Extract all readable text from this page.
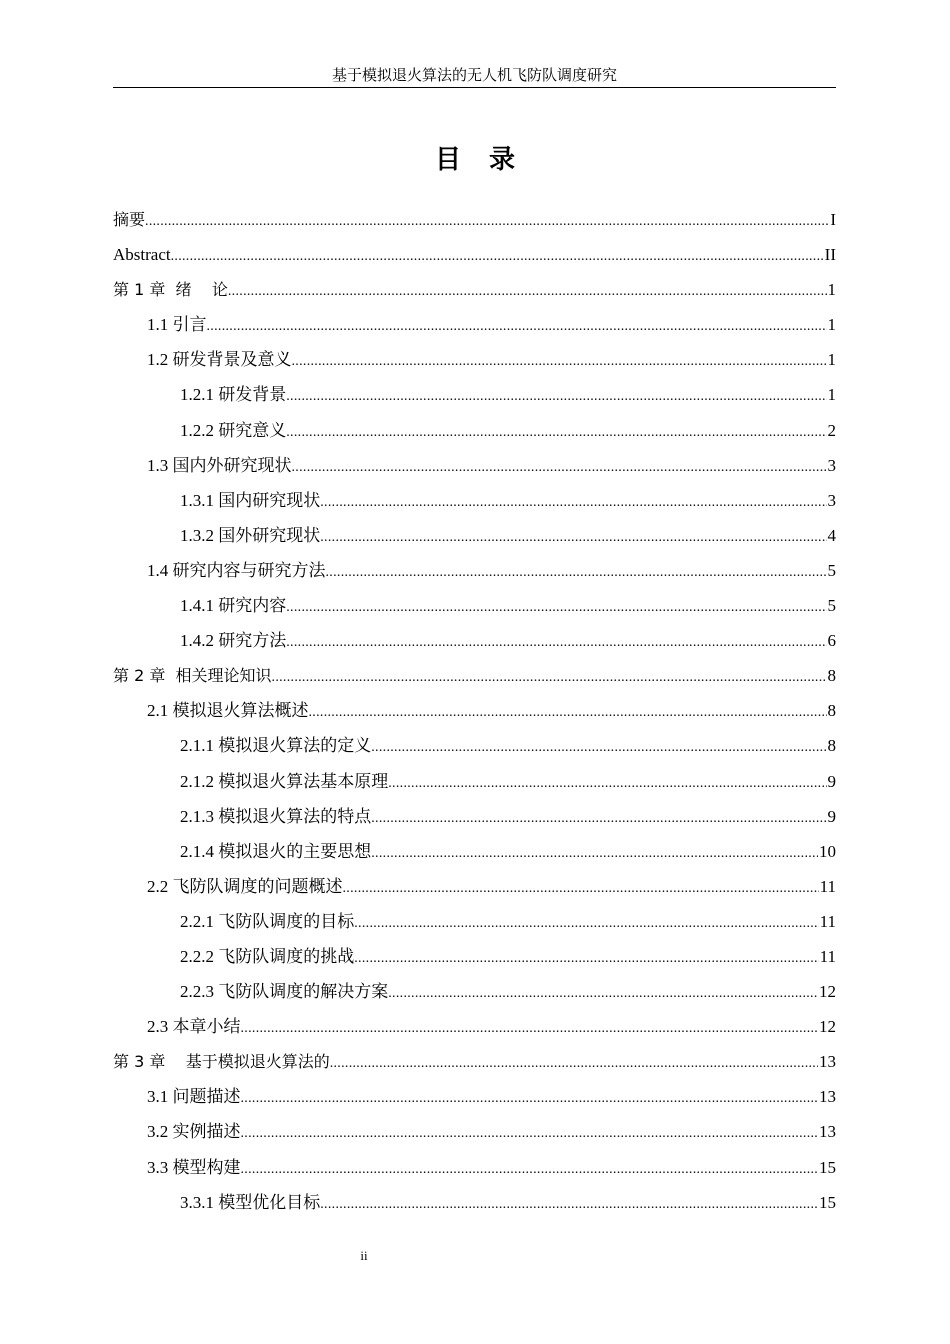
基于模拟退火算法的无人机飞防队调度研究
目录
摘要 .....	I
Abstract .....	II
第 1 章  绪    论 .....	1
1.1 引言 .....	1
1.2 研发背景及意义 .....	1
1.2.1 研发背景 .....	1
1.2.2 研究意义 .....	2
1.3 国内外研究现状 .....	3
1.3.1 国内研究现状 .....	3
1.3.2 国外研究现状 .....	4
1.4 研究内容与研究方法 .....	5
1.4.1 研究内容 .....	5
1.4.2 研究方法 .....	6
第 2 章  相关理论知识 .....	8
2.1 模拟退火算法概述 .....	8
2.1.1 模拟退火算法的定义 .....	8
2.1.2 模拟退火算法基本原理 .....	9
2.1.3 模拟退火算法的特点 .....	9
2.1.4 模拟退火的主要思想 .....	10
2.2 飞防队调度的问题概述 .....	11
2.2.1 飞防队调度的目标 .....	11
2.2.2 飞防队调度的挑战 .....	11
2.2.3 飞防队调度的解决方案 .....	12
2.3 本章小结 .....	12
第 3 章    基于模拟退火算法的 .....	13
3.1 问题描述 .....	13
3.2 实例描述 .....	13
3.3 模型构建 .....	15
3.3.1 模型优化目标 .....	15
ii
